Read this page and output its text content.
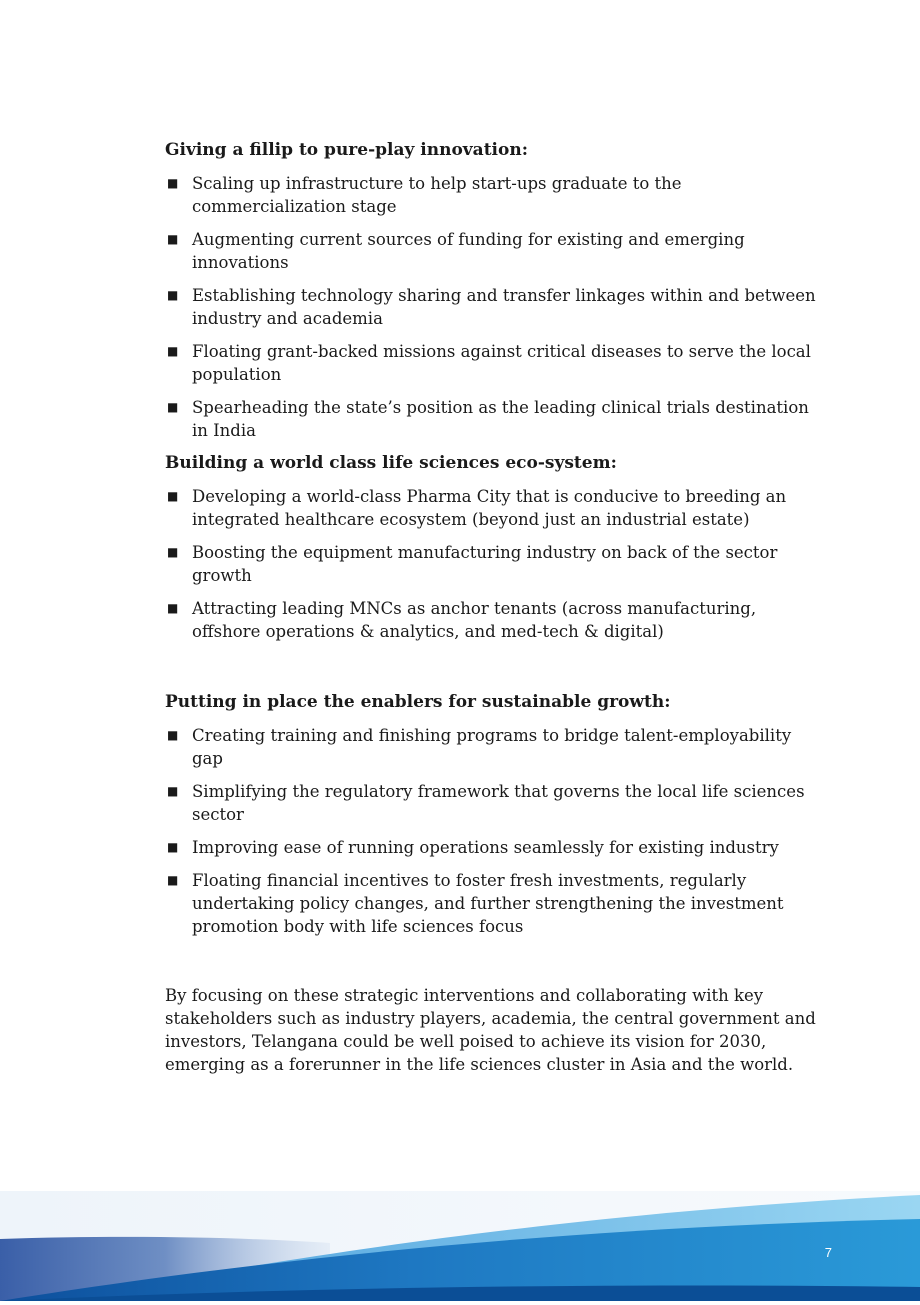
Giving a fillip to pure-play innovation:

■ Scaling up infrastructure to help start-ups graduate to the commercialization stage
■ Augmenting current sources of funding for existing and emerging innovations
■ Establishing technology sharing and transfer linkages within and between industry and academia
■ Floating grant-backed missions against critical diseases to serve the local population
■ Spearheading the state’s position as the leading clinical trials destination in India

Building a world class life sciences eco-system:

■ Developing a world-class Pharma City that is conducive to breeding an integrated healthcare ecosystem (beyond just an industrial estate)
■ Boosting the equipment manufacturing industry on back of the sector growth
■ Attracting leading MNCs as anchor tenants (across manufacturing, offshore operations & analytics, and med-tech & digital)

Putting in place the enablers for sustainable growth:

■ Creating training and finishing programs to bridge talent-employability gap
■ Simplifying the regulatory framework that governs the local life sciences sector
■ Improving ease of running operations seamlessly for existing industry
■ Floating financial incentives to foster fresh investments, regularly undertaking policy changes, and further strengthening the investment promotion body with life sciences focus

By focusing on these strategic interventions and collaborating with key stakeholders such as industry players, academia, the central government and investors, Telangana could be well poised to achieve its vision for 2030, emerging as a forerunner in the life sciences cluster in Asia and the world.

7
